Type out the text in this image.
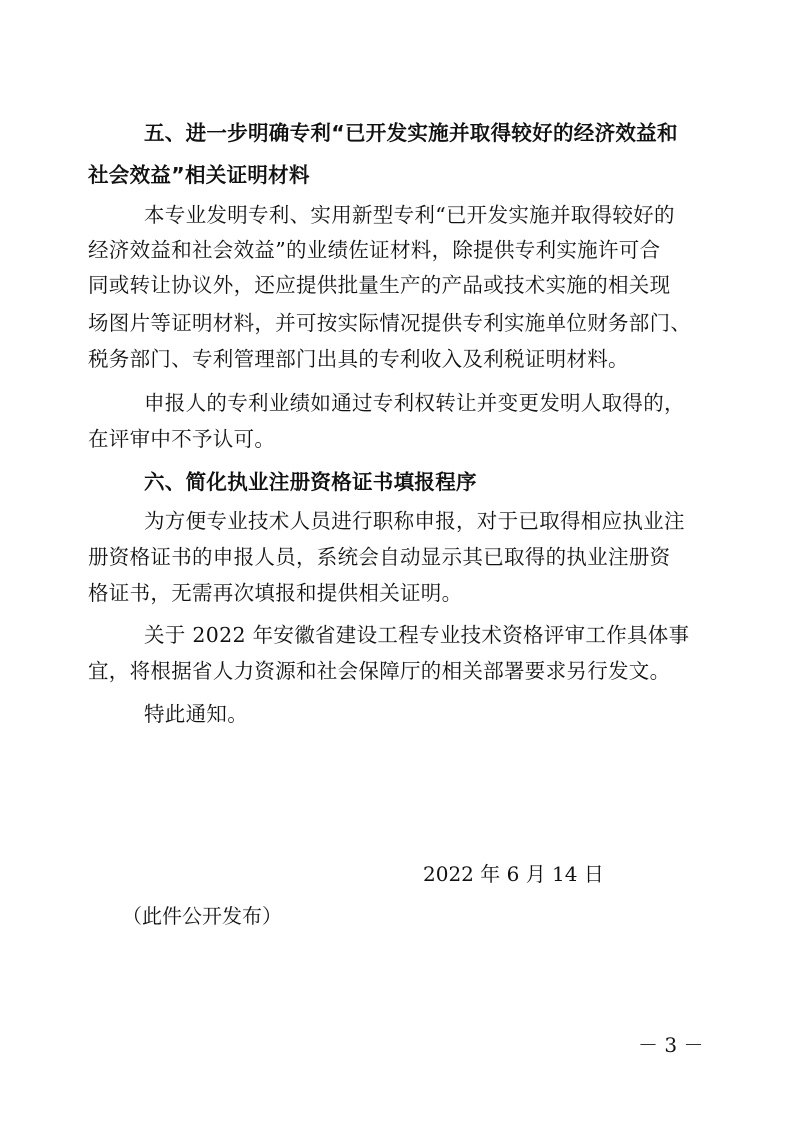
五、进一步明确专利“已开发实施并取得较好的经济效益和
社会效益”相关证明材料
本专业发明专利、实用新型专利“已开发实施并取得较好的
经济效益和社会效益”的业绩佐证材料，除提供专利实施许可合
同或转让协议外，还应提供批量生产的产品或技术实施的相关现
场图片等证明材料，并可按实际情况提供专利实施单位财务部门、
税务部门、专利管理部门出具的专利收入及利税证明材料。
申报人的专利业绩如通过专利权转让并变更发明人取得的，
在评审中不予认可。
六、简化执业注册资格证书填报程序
为方便专业技术人员进行职称申报，对于已取得相应执业注
册资格证书的申报人员，系统会自动显示其已取得的执业注册资
格证书，无需再次填报和提供相关证明。
关于 2022 年安徽省建设工程专业技术资格评审工作具体事
宜，将根据省人力资源和社会保障厅的相关部署要求另行发文。
特此通知。
2022 年 6 月 14 日
（此件公开发布）
－ 3 －
